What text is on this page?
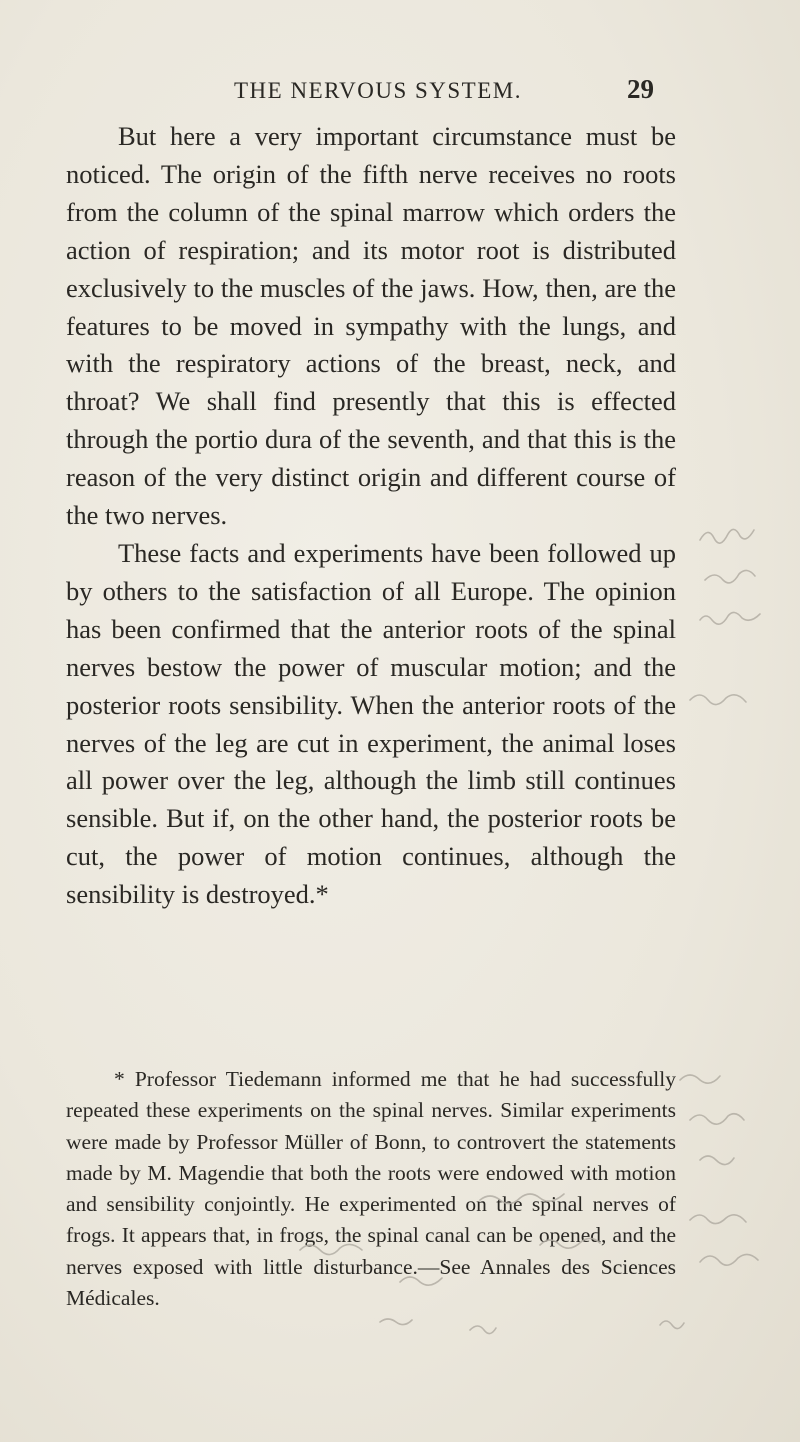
THE NERVOUS SYSTEM.	29

But here a very important circumstance must be noticed. The origin of the fifth nerve receives no roots from the column of the spinal marrow which orders the action of respiration; and its motor root is distributed exclusively to the muscles of the jaws. How, then, are the features to be moved in sympathy with the lungs, and with the respiratory actions of the breast, neck, and throat? We shall find presently that this is effected through the portio dura of the seventh, and that this is the reason of the very distinct origin and different course of the two nerves.

These facts and experiments have been followed up by others to the satisfaction of all Europe. The opinion has been confirmed that the anterior roots of the spinal nerves bestow the power of muscular motion; and the posterior roots sensibility. When the anterior roots of the nerves of the leg are cut in experiment, the animal loses all power over the leg, although the limb still continues sensible. But if, on the other hand, the posterior roots be cut, the power of motion continues, although the sensibility is destroyed.*

* Professor Tiedemann informed me that he had successfully repeated these experiments on the spinal nerves. Similar experiments were made by Professor Müller of Bonn, to controvert the statements made by M. Magendie that both the roots were endowed with motion and sensibility conjointly. He experimented on the spinal nerves of frogs. It appears that, in frogs, the spinal canal can be opened, and the nerves exposed with little disturbance.—See Annales des Sciences Médicales.
